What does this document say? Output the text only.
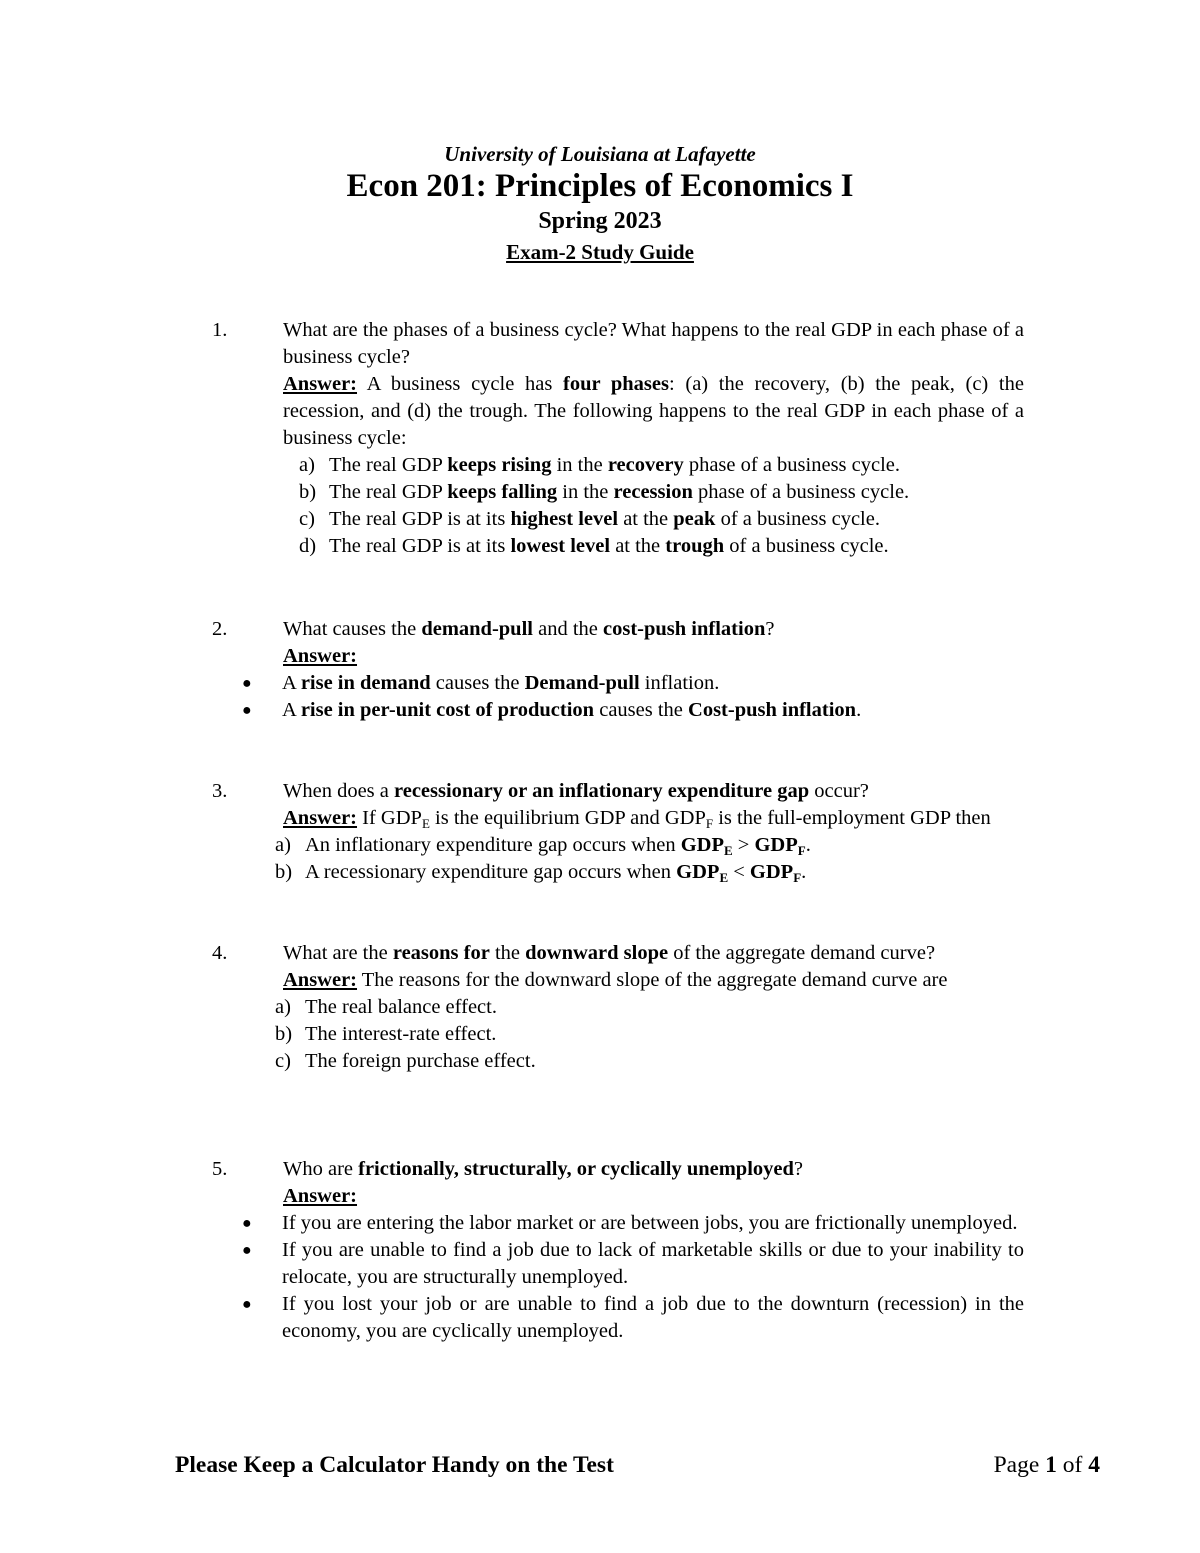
University of Louisiana at Lafayette
Econ 201: Principles of Economics I
Spring 2023
Exam-2 Study Guide
1.	What are the phases of a business cycle? What happens to the real GDP in each phase of a business cycle?

Answer: A business cycle has four phases: (a) the recovery, (b) the peak, (c) the recession, and (d) the trough. The following happens to the real GDP in each phase of a business cycle:

a) The real GDP keeps rising in the recovery phase of a business cycle.
b) The real GDP keeps falling in the recession phase of a business cycle.
c) The real GDP is at its highest level at the peak of a business cycle.
d) The real GDP is at its lowest level at the trough of a business cycle.
2.	What causes the demand-pull and the cost-push inflation?

Answer:

● A rise in demand causes the Demand-pull inflation.
● A rise in per-unit cost of production causes the Cost-push inflation.
3.	When does a recessionary or an inflationary expenditure gap occur?

Answer: If $GDP_E$ is the equilibrium GDP and $GDP_F$ is the full-employment GDP then

a) An inflationary expenditure gap occurs when $GDP_E > GDP_F$.
b) A recessionary expenditure gap occurs when $GDP_E < GDP_F$.
4.	What are the reasons for the downward slope of the aggregate demand curve?

Answer: The reasons for the downward slope of the aggregate demand curve are

a) The real balance effect.
b) The interest-rate effect.
c) The foreign purchase effect.
5.	Who are frictionally, structurally, or cyclically unemployed?

Answer:

● If you are entering the labor market or are between jobs, you are frictionally unemployed.
● If you are unable to find a job due to lack of marketable skills or due to your inability to relocate, you are structurally unemployed.
● If you lost your job or are unable to find a job due to the downturn (recession) in the economy, you are cyclically unemployed.
Please Keep a Calculator Handy on the Test	Page 1 of 4
